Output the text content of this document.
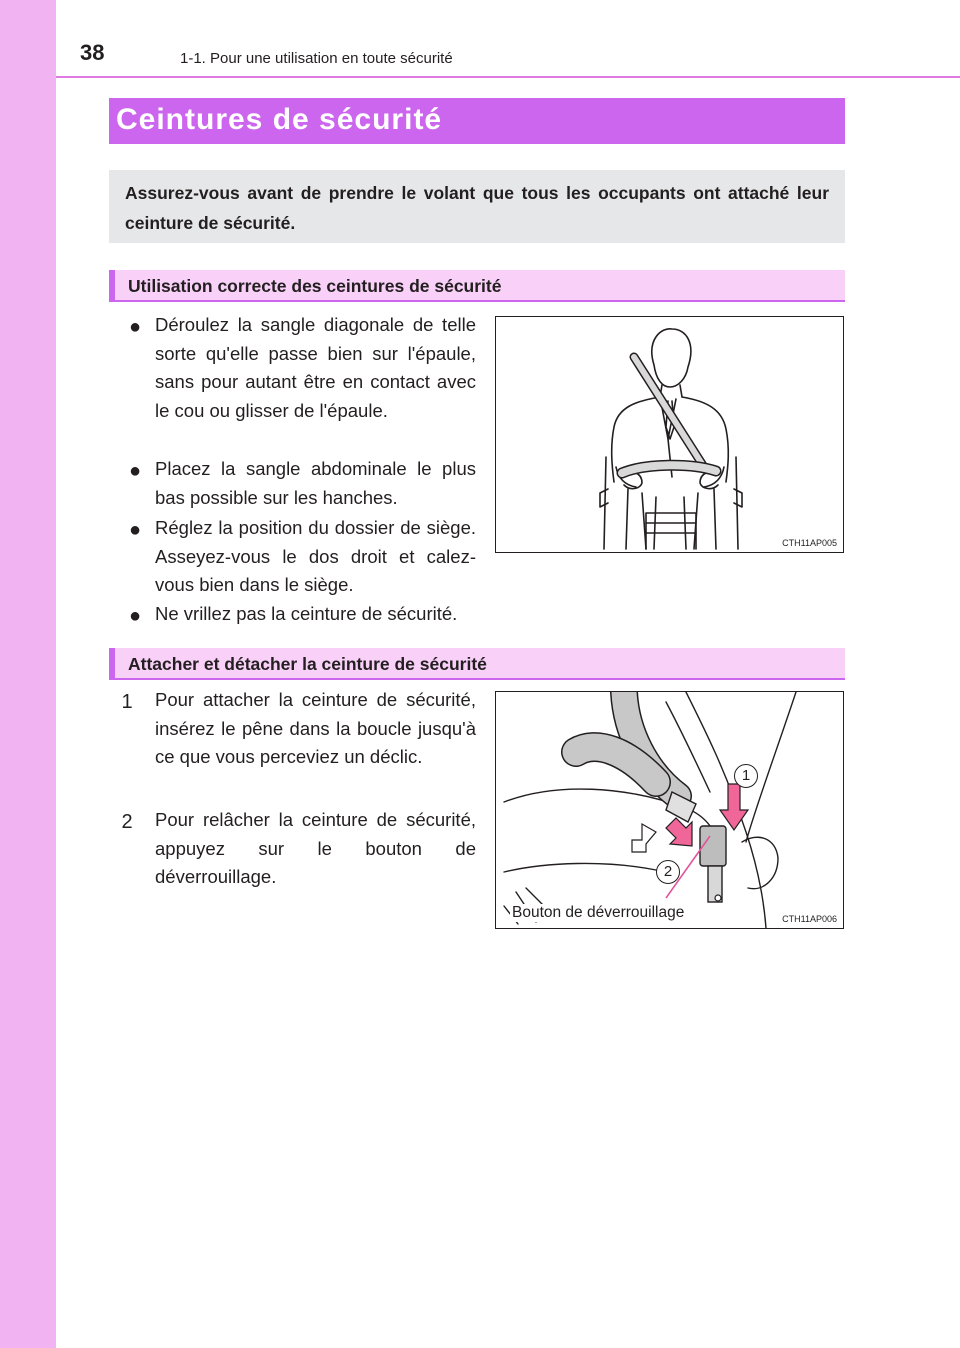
38	1-1. Pour une utilisation en toute sécurité
Ceintures de sécurité
Assurez-vous avant de prendre le volant que tous les occupants ont attaché leur ceinture de sécurité.
Utilisation correcte des ceintures de sécurité
● Déroulez la sangle diagonale de telle sorte qu'elle passe bien sur l'épaule, sans pour autant être en contact avec le cou ou glisser de l'épaule.
● Placez la sangle abdominale le plus bas possible sur les hanches.
● Réglez la position du dossier de siège. Asseyez-vous le dos droit et calez-vous bien dans le siège.
● Ne vrillez pas la ceinture de sécurité.
CTH11AP005
Attacher et détacher la ceinture de sécurité
1 Pour attacher la ceinture de sécurité, insérez le pêne dans la boucle jusqu'à ce que vous perceviez un déclic.
2 Pour relâcher la ceinture de sécurité, appuyez sur le bouton de déverrouillage.
1
2
Bouton de déverrouillage	CTH11AP006
